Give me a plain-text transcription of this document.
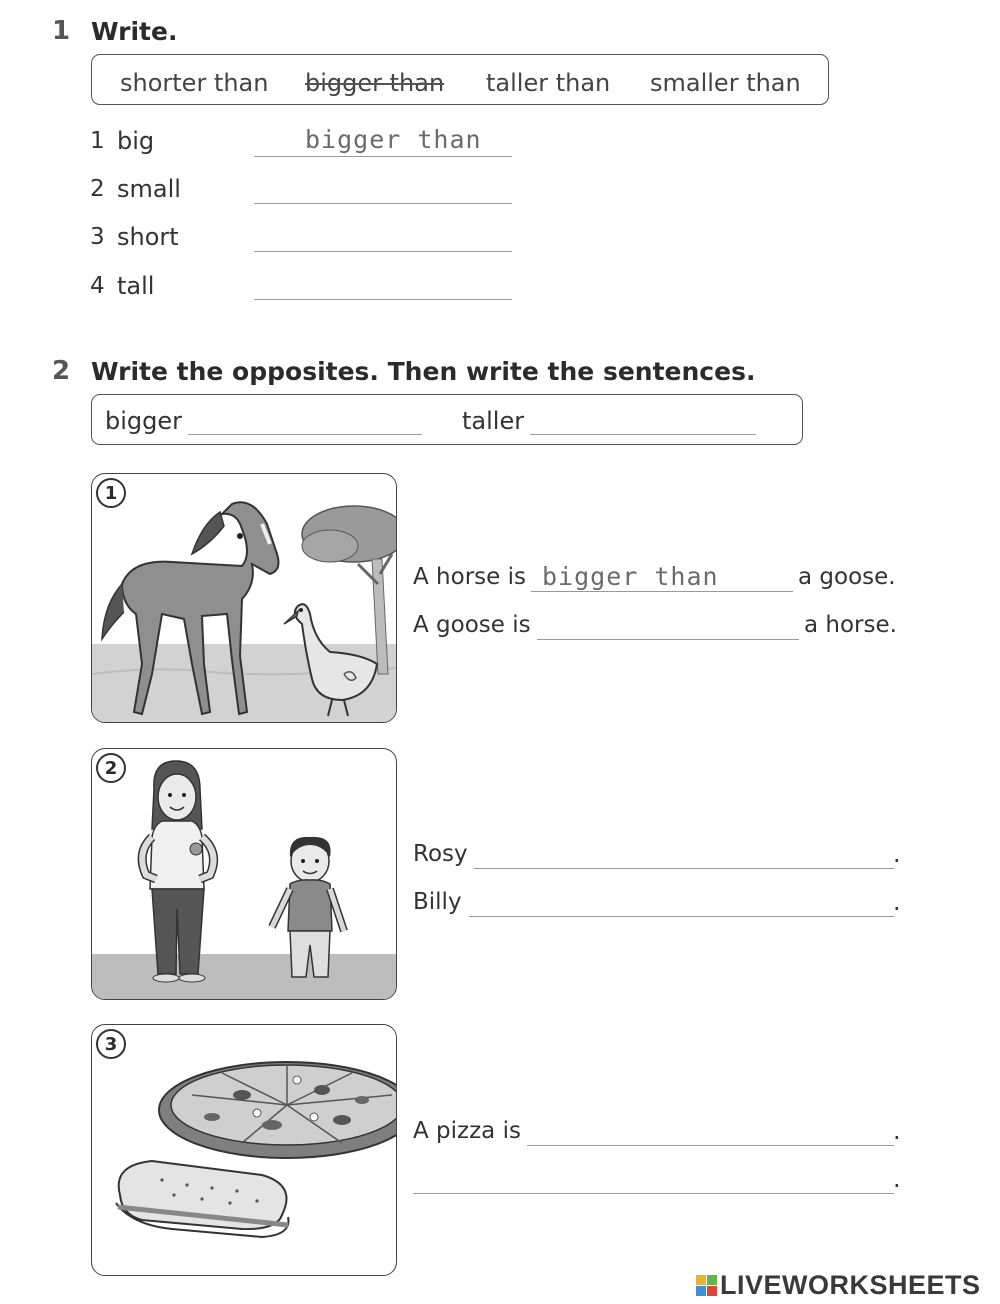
1 Write.
shorter than bigger than taller than smaller than
1 big	bigger than
2 small
3 short
4 tall
2 Write the opposites. Then write the sentences.
bigger	taller
1
A horse is bigger than	a goose.
A goose is	a horse.
2
Rosy	.
Billy	.
3
A pizza is	.
.
LIVEWORKSHEETS
